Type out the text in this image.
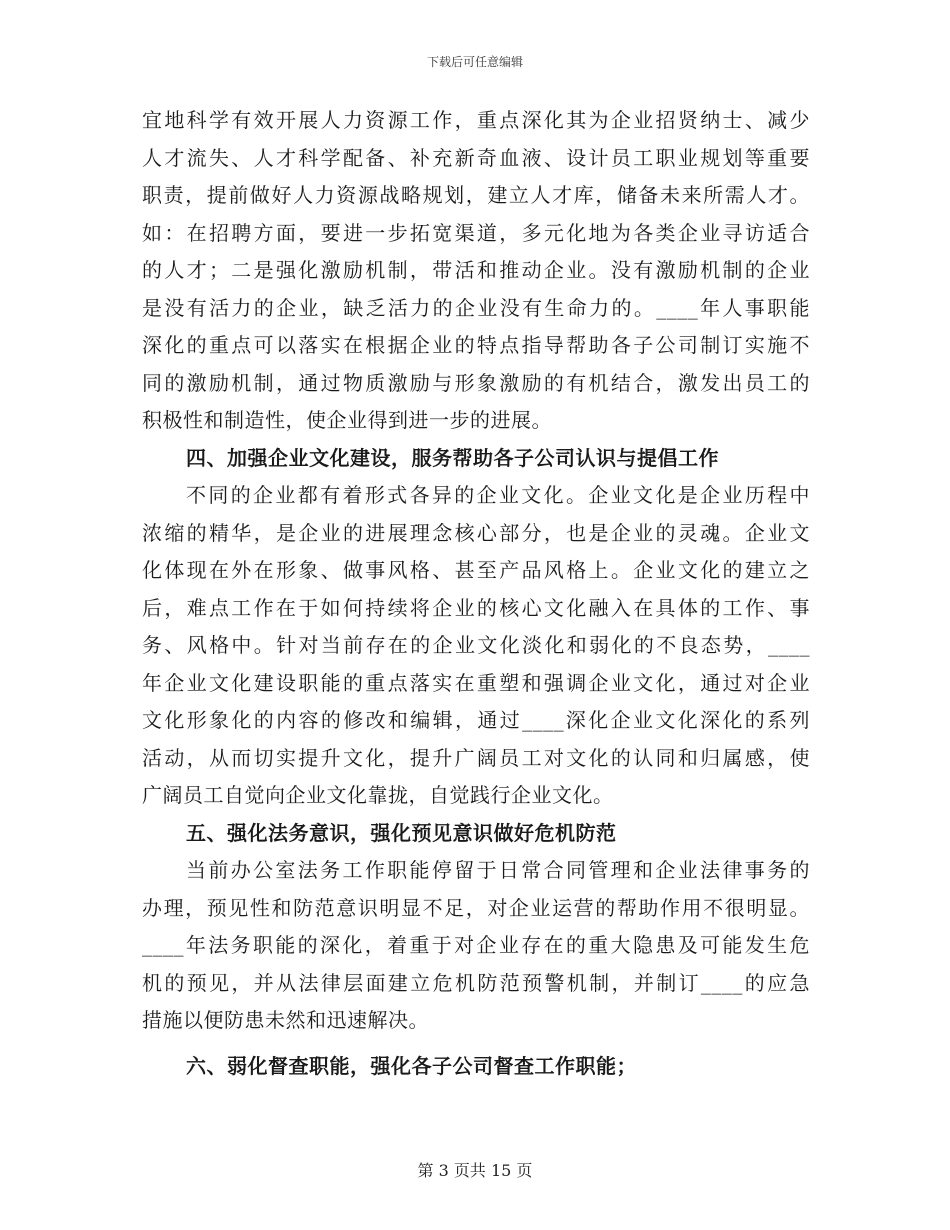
下载后可任意编辑
宜地科学有效开展人力资源工作，重点深化其为企业招贤纳士、减少
人才流失、人才科学配备、补充新奇血液、设计员工职业规划等重要
职责，提前做好人力资源战略规划，建立人才库，储备未来所需人才。
如：在招聘方面，要进一步拓宽渠道，多元化地为各类企业寻访适合
的人才；二是强化激励机制，带活和推动企业。没有激励机制的企业
是没有活力的企业，缺乏活力的企业没有生命力的。____年人事职能
深化的重点可以落实在根据企业的特点指导帮助各子公司制订实施不
同的激励机制，通过物质激励与形象激励的有机结合，激发出员工的
积极性和制造性，使企业得到进一步的进展。
四、加强企业文化建设，服务帮助各子公司认识与提倡工作
不同的企业都有着形式各异的企业文化。企业文化是企业历程中
浓缩的精华，是企业的进展理念核心部分，也是企业的灵魂。企业文
化体现在外在形象、做事风格、甚至产品风格上。企业文化的建立之
后，难点工作在于如何持续将企业的核心文化融入在具体的工作、事
务、风格中。针对当前存在的企业文化淡化和弱化的不良态势，____
年企业文化建设职能的重点落实在重塑和强调企业文化，通过对企业
文化形象化的内容的修改和编辑，通过____深化企业文化深化的系列
活动，从而切实提升文化，提升广阔员工对文化的认同和归属感，使
广阔员工自觉向企业文化靠拢，自觉践行企业文化。
五、强化法务意识，强化预见意识做好危机防范
当前办公室法务工作职能停留于日常合同管理和企业法律事务的
办理，预见性和防范意识明显不足，对企业运营的帮助作用不很明显。
____年法务职能的深化，着重于对企业存在的重大隐患及可能发生危
机的预见，并从法律层面建立危机防范预警机制，并制订____的应急
措施以便防患未然和迅速解决。
六、弱化督查职能，强化各子公司督查工作职能；
第 3 页共 15 页
